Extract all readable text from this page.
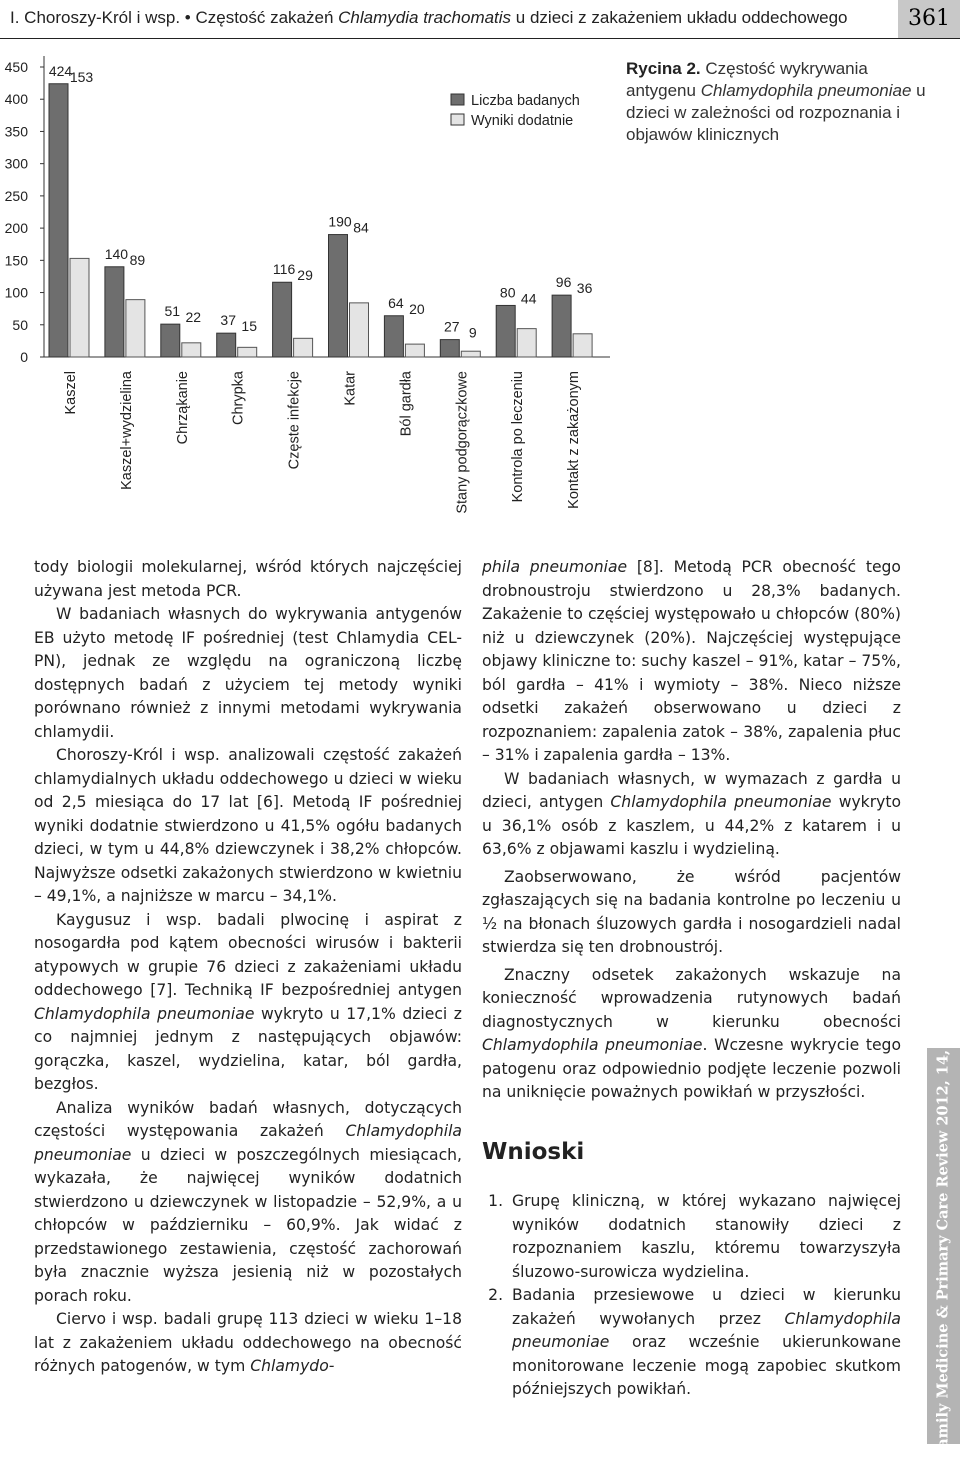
I. Choroszy-Król i wsp. • Częstość zakażeń Chlamydia trachomatis u dzieci z zakażeniem układu oddechowego	361
0
50
100
150
200
250
300
350
400
450 424
153
Kaszel
140 89
Kaszel+wydzielina
51 22
Chrząkanie
37 15
Chrypka
116 29
Częste infekcje
190 84
Katar
64 20
Ból gardła
27 9
Stany podgorączkowe
80 44
Kontrola po leczeniu
96 36
Kontakt z zakażonym
Liczba badanych
Wyniki dodatnie
Rycina 2. Częstość wykrywania antygenu Chlamydophila pneumoniae u dzieci w zależności od rozpoznania i objawów klinicznych

tody biologii molekularnej, wśród których najczęściej używana jest metoda PCR.

W badaniach własnych do wykrywania antygenów EB użyto metodę IF pośredniej (test Chlamydia CEL-PN), jednak ze względu na ograniczoną liczbę dostępnych badań z użyciem tej metody wyniki porównano również z innymi metodami wykrywania chlamydii.

Choroszy-Król i wsp. analizowali częstość zakażeń chlamydialnych układu oddechowego u dzieci w wieku od 2,5 miesiąca do 17 lat [6]. Metodą IF pośredniej wyniki dodatnie stwierdzono u 41,5% ogółu badanych dzieci, w tym u 44,8% dziewczynek i 38,2% chłopców. Najwyższe odsetki zakażonych stwierdzono w kwietniu – 49,1%, a najniższe w marcu – 34,1%.

Kaygusuz i wsp. badali plwocinę i aspirat z nosogardła pod kątem obecności wirusów i bakterii atypowych w grupie 76 dzieci z zakażeniami układu oddechowego [7]. Techniką IF bezpośredniej antygen Chlamydophila pneumoniae wykryto u 17,1% dzieci z co najmniej jednym z następujących objawów: gorączka, kaszel, wydzielina, katar, ból gardła, bezgłos.

Analiza wyników badań własnych, dotyczących częstości występowania zakażeń Chlamydophila pneumoniae u dzieci w poszczególnych miesiącach, wykazała, że najwięcej wyników dodatnich stwierdzono u dziewczynek w listopadzie – 52,9%, a u chłopców w październiku – 60,9%. Jak widać z przedstawionego zestawienia, częstość zachorowań była znacznie wyższa jesienią niż w pozostałych porach roku.

Ciervo i wsp. badali grupę 113 dzieci w wieku 1–18 lat z zakażeniem układu oddechowego na obecność różnych patogenów, w tym Chlamydo-

phila pneumoniae [8]. Metodą PCR obecność tego drobnoustroju stwierdzono u 28,3% badanych. Zakażenie to częściej występowało u chłopców (80%) niż u dziewczynek (20%). Najczęściej występujące objawy kliniczne to: suchy kaszel – 91%, katar – 75%, ból gardła – 41% i wymioty – 38%. Nieco niższe odsetki zakażeń obserwowano u dzieci z rozpoznaniem: zapalenia zatok – 38%, zapalenia płuc – 31% i zapalenia gardła – 13%.

W badaniach własnych, w wymazach z gardła u dzieci, antygen Chlamydophila pneumoniae wykryto u 36,1% osób z kaszlem, u 44,2% z katarem i u 63,6% z objawami kaszlu i wydzieliną.

Zaobserwowano, że wśród pacjentów zgłaszających się na badania kontrolne po leczeniu u ½ na błonach śluzowych gardła i nosogardzieli nadal stwierdza się ten drobnoustrój.

Znaczny odsetek zakażonych wskazuje na konieczność wprowadzenia rutynowych badań diagnostycznych w kierunku obecności Chlamydophila pneumoniae. Wczesne wykrycie tego patogenu oraz odpowiednio podjęte leczenie pozwoli na uniknięcie poważnych powikłań w przyszłości.

Wnioski
1. Grupę kliniczną, w której wykazano najwięcej wyników dodatnich stanowiły dzieci z rozpoznaniem kaszlu, któremu towarzyszyła śluzowo-surowicza wydzielina.
2. Badania przesiewowe u dzieci w kierunku zakażeń wywołanych przez Chlamydophila pneumoniae oraz wcześnie ukierunkowane monitorowane leczenie mogą zapobiec skutkom późniejszych powikłań.	Family Medicine & Primary Care Review 2012, 14, 3
